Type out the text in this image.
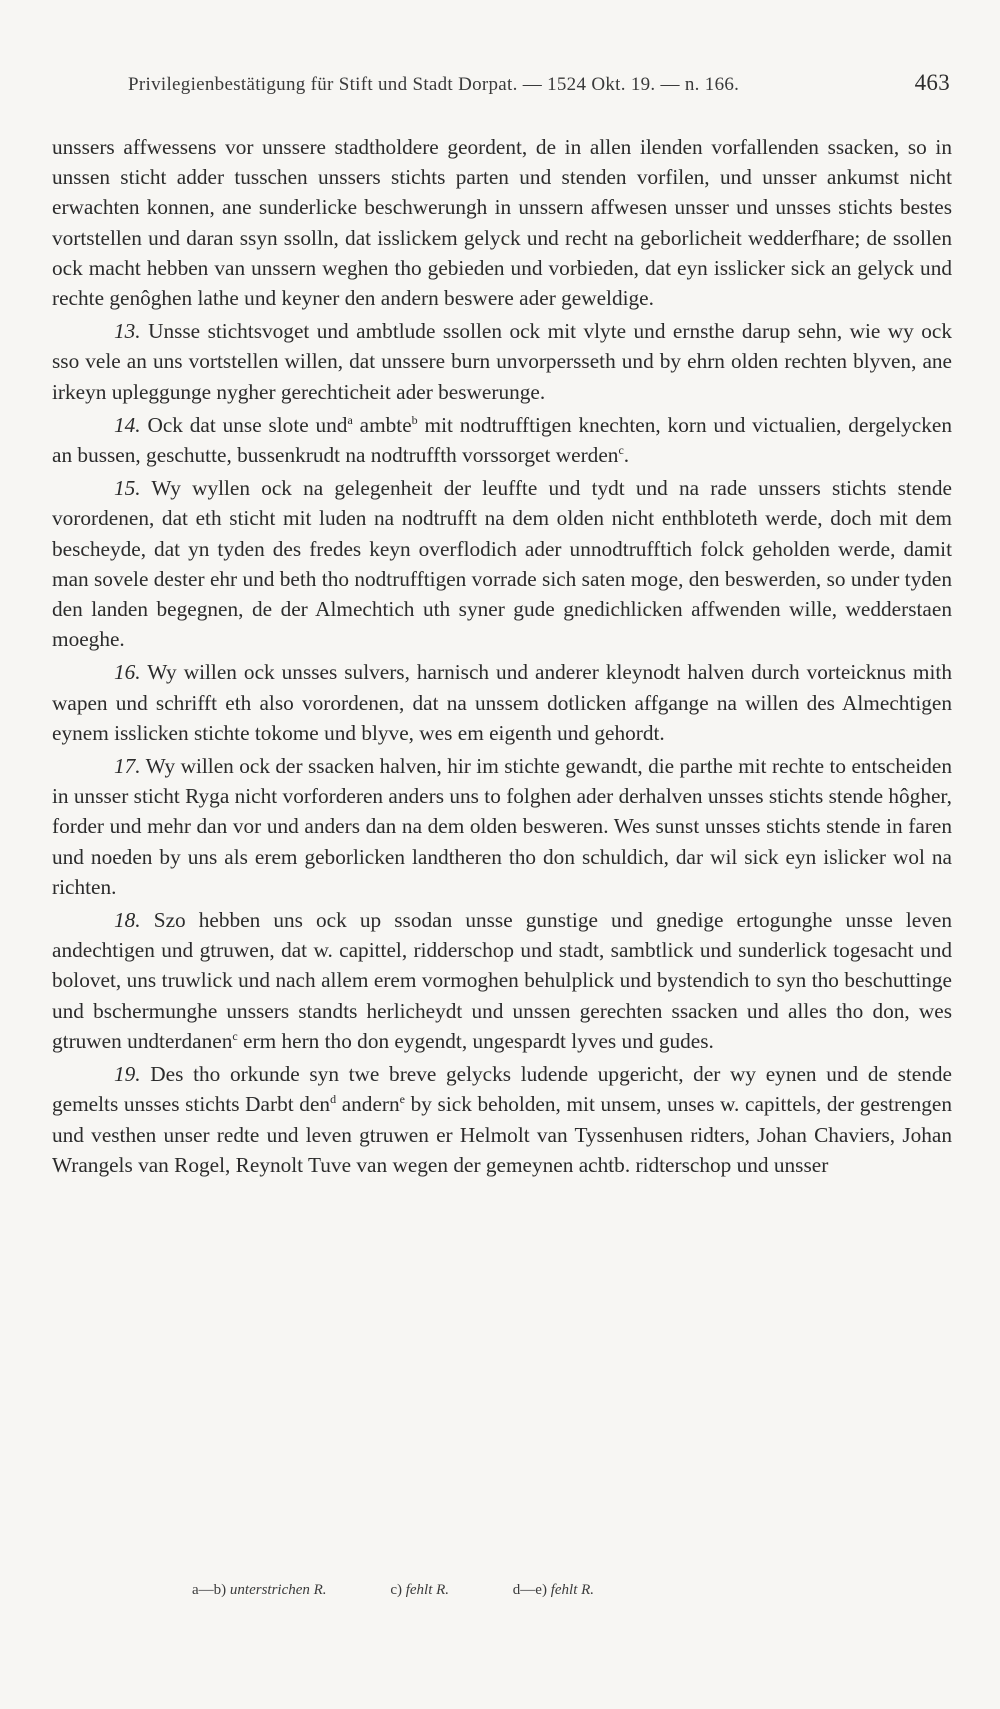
Privilegienbestätigung für Stift und Stadt Dorpat. — 1524 Okt. 19. — n. 166.	463

unssers affwessens vor unssere stadtholdere geordent, de in allen ilenden vorfallenden ssacken, so in unssen sticht adder tusschen unssers stichts parten und stenden vorfilen, und unsser ankumst nicht erwachten konnen, ane sunderlicke beschwerungh in unssern affwesen unsser und unsses stichts bestes vortstellen und daran ssyn ssolln, dat isslickem gelyck und recht na geborlicheit wedderfhare; de ssollen ock macht hebben van unssern weghen tho gebieden und vorbieden, dat eyn isslicker sick an gelyck und rechte genôghen lathe und keyner den andern beswere ader geweldige.

13. Unsse stichtsvoget und ambtlude ssollen ock mit vlyte und ernsthe darup sehn, wie wy ock sso vele an uns vortstellen willen, dat unssere burn unvorpersseth und by ehrn olden rechten blyven, ane irkeyn upleggunge nygher gerechticheit ader beswerunge.

14. Ock dat unse slote und$^a$ ambte$^b$ mit nodtrufftigen knechten, korn und victualien, dergelycken an bussen, geschutte, bussenkrudt na nodtruffth vorssorget werden$^c$.

15. Wy wyllen ock na gelegenheit der leuffte und tydt und na rade unssers stichts stende vorordenen, dat eth sticht mit luden na nodtrufft na dem olden nicht enthbloteth werde, doch mit dem bescheyde, dat yn tyden des fredes keyn overflodich ader unnodtrufftich folck geholden werde, damit man sovele dester ehr und beth tho nodtrufftigen vorrade sich saten moge, den beswerden, so under tyden den landen begegnen, de der Almechtich uth syner gude gnedichlicken affwenden wille, wedderstaen moeghe.

16. Wy willen ock unsses sulvers, harnisch und anderer kleynodt halven durch vorteicknus mith wapen und schrifft eth also vorordenen, dat na unssem dotlicken affgange na willen des Almechtigen eynem isslicken stichte tokome und blyve, wes em eigenth und gehordt.

17. Wy willen ock der ssacken halven, hir im stichte gewandt, die parthe mit rechte to entscheiden in unsser sticht Ryga nicht vorforderen anders uns to folghen ader derhalven unsses stichts stende hôgher, forder und mehr dan vor und anders dan na dem olden besweren. Wes sunst unsses stichts stende in faren und noeden by uns als erem geborlicken landtheren tho don schuldich, dar wil sick eyn islicker wol na richten.

18. Szo hebben uns ock up ssodan unsse gunstige und gnedige ertogunghe unsse leven andechtigen und gtruwen, dat w. capittel, ridderschop und stadt, sambtlick und sunderlick togesacht und bolovet, uns truwlick und nach allem erem vormoghen behulplick und bystendich to syn tho beschuttinge und bschermunghe unssers standts herlicheydt und unssen gerechten ssacken und alles tho don, wes gtruwen undterdanen$^c$ erm hern tho don eygendt, ungespardt lyves und gudes.

19. Des tho orkunde syn twe breve gelycks ludende upgericht, der wy eynen und de stende gemelts unsses stichts Darbt den$^d$ andern$^e$ by sick beholden, mit unsem, unses w. capittels, der gestrengen und vesthen unser redte und leven gtruwen er Helmolt van Tyssenhusen ridters, Johan Chaviers, Johan Wrangels van Rogel, Reynolt Tuve van wegen der gemeynen achtb. ridterschop und unsser

a—b) unterstrichen R.	c) fehlt R.	d—e) fehlt R.
